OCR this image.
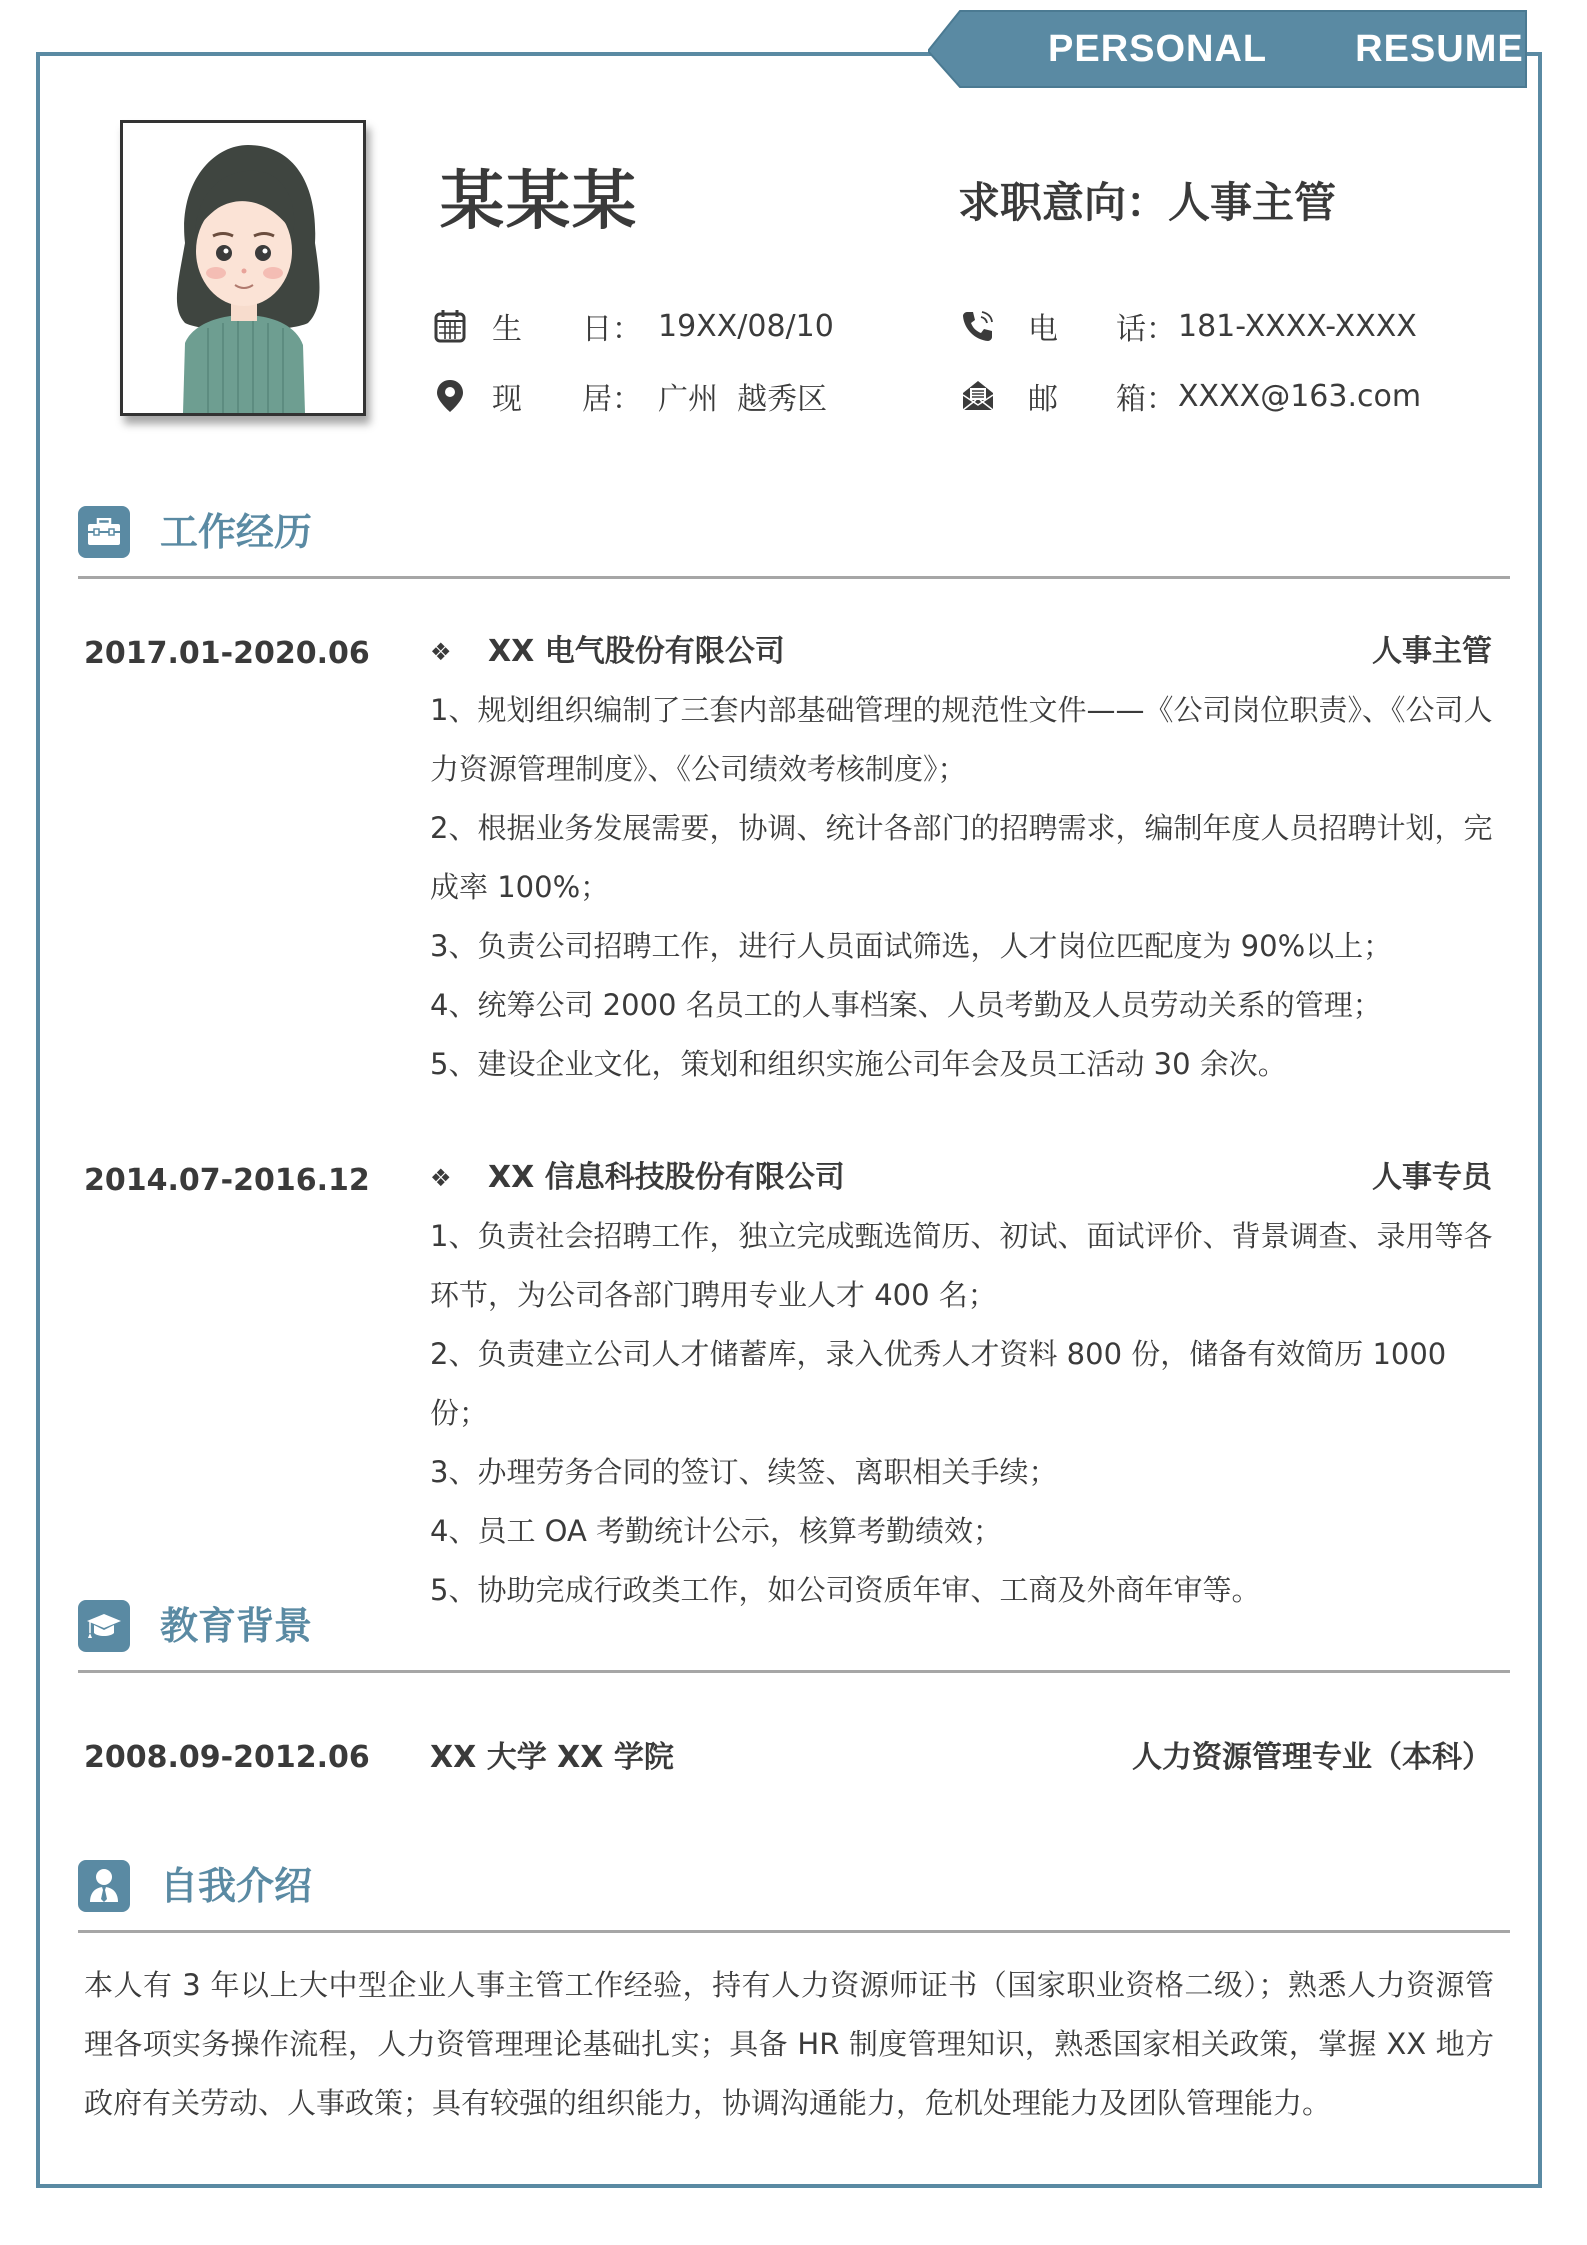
PERSONAL   RESUME
某某某	求职意向：人事主管
生 日： 19XX/08/10
现 居： 广州  越秀区
电 话： 181-XXXX-XXXX
邮 箱： XXXX@163.com
工作经历
2017.01-2020.06	❖ XX 电气股份有限公司	人事主管
1、规划组织编制了三套内部基础管理的规范性文件——《公司岗位职责》、《公司人力资源管理制度》、《公司绩效考核制度》；
2、根据业务发展需要，协调、统计各部门的招聘需求，编制年度人员招聘计划，完成率 100%；
3、负责公司招聘工作，进行人员面试筛选，人才岗位匹配度为 90%以上；
4、统筹公司 2000 名员工的人事档案、人员考勤及人员劳动关系的管理；
5、建设企业文化，策划和组织实施公司年会及员工活动 30 余次。
2014.07-2016.12	❖ XX 信息科技股份有限公司	人事专员
1、负责社会招聘工作，独立完成甄选简历、初试、面试评价、背景调查、录用等各环节，为公司各部门聘用专业人才 400 名；
2、负责建立公司人才储蓄库，录入优秀人才资料 800 份，储备有效简历 1000 份；
3、办理劳务合同的签订、续签、离职相关手续；
4、员工 OA 考勤统计公示，核算考勤绩效；
5、协助完成行政类工作，如公司资质年审、工商及外商年审等。
教育背景
2008.09-2012.06 XX 大学 XX 学院	人力资源管理专业（本科）
自我介绍
本人有 3 年以上大中型企业人事主管工作经验，持有人力资源师证书（国家职业资格二级）；熟悉人力资源管理各项实务操作流程，人力资管理理论基础扎实；具备 HR 制度管理知识，熟悉国家相关政策，掌握 XX 地方政府有关劳动、人事政策；具有较强的组织能力，协调沟通能力，危机处理能力及团队管理能力。
